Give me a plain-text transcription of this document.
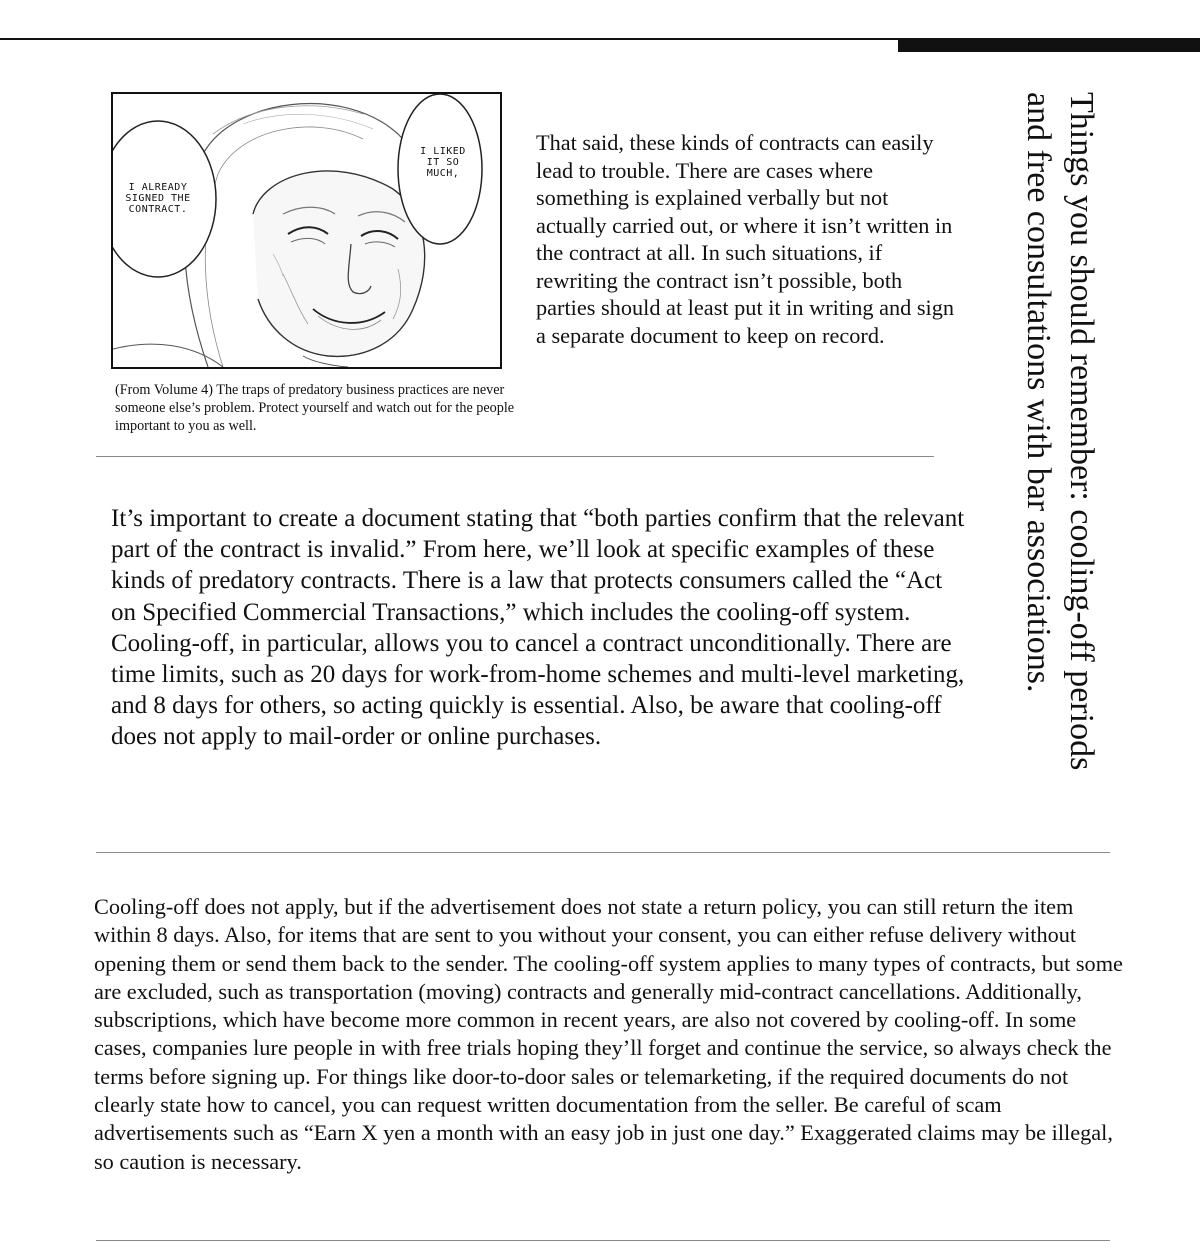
I ALREADY
SIGNED THE
CONTRACT.
I LIKED
IT SO
MUCH,
(From Volume 4) The traps of predatory business practices are never someone else’s problem. Protect yourself and watch out for the people important to you as well.
That said, these kinds of contracts can easily lead to trouble. There are cases where something is explained verbally but not actually carried out, or where it isn’t written in the contract at all. In such situations, if rewriting the contract isn’t possible, both parties should at least put it in writing and sign a separate document to keep on record.
It’s important to create a document stating that “both parties confirm that the relevant part of the contract is invalid.” From here, we’ll look at specific examples of these kinds of predatory contracts. There is a law that protects consumers called the “Act on Specified Commercial Transactions,” which includes the cooling-off system. Cooling-off, in particular, allows you to cancel a contract unconditionally. There are time limits, such as 20 days for work-from-home schemes and multi-level marketing, and 8 days for others, so acting quickly is essential. Also, be aware that cooling-off does not apply to mail-order or online purchases.
Cooling-off does not apply, but if the advertisement does not state a return policy, you can still return the item within 8 days. Also, for items that are sent to you without your consent, you can either refuse delivery without opening them or send them back to the sender. The cooling-off system applies to many types of contracts, but some are excluded, such as transportation (moving) contracts and generally mid-contract cancellations. Additionally, subscriptions, which have become more common in recent years, are also not covered by cooling-off. In some cases, companies lure people in with free trials hoping they’ll forget and continue the service, so always check the terms before signing up. For things like door-to-door sales or telemarketing, if the required documents do not clearly state how to cancel, you can request written documentation from the seller. Be careful of scam advertisements such as “Earn X yen a month with an easy job in just one day.” Exaggerated claims may be illegal, so caution is necessary.
Things you should remember: cooling-off periods and free consultations with bar associations.
